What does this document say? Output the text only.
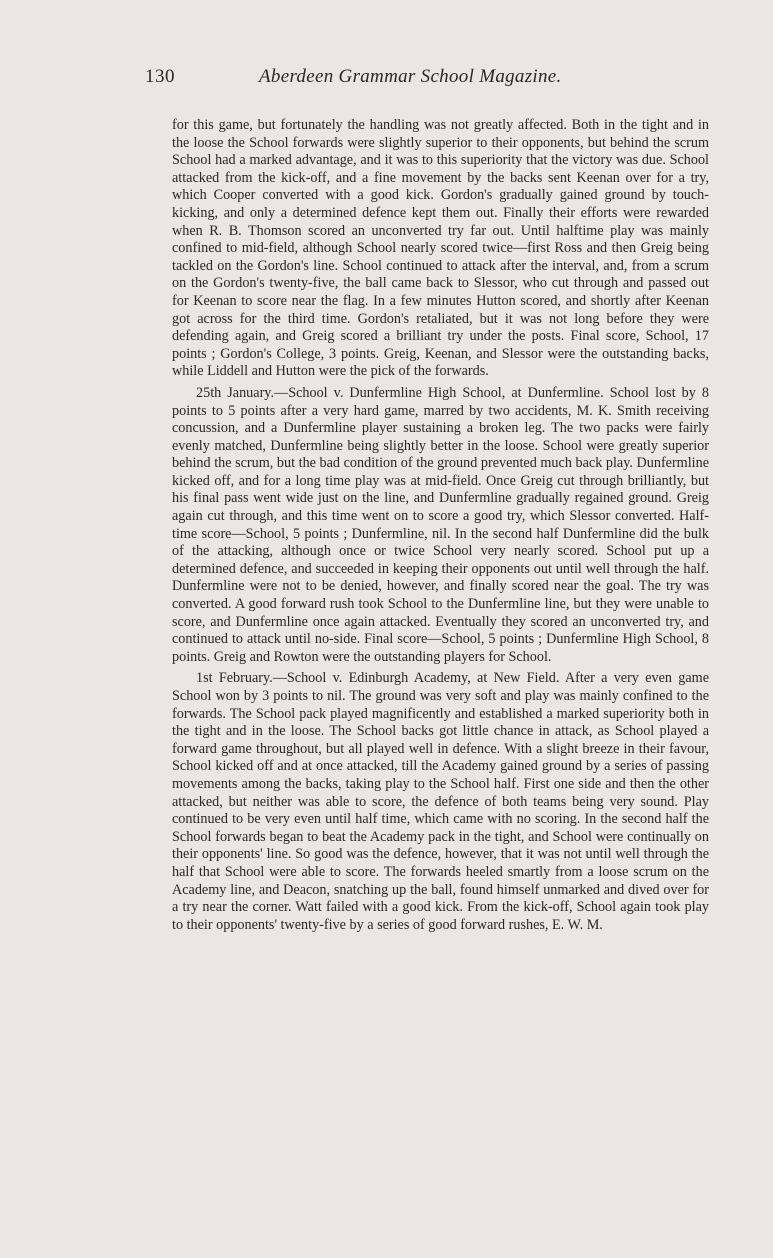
130	Aberdeen Grammar School Magazine.

for this game, but fortunately the handling was not greatly affected. Both in the tight and in the loose the School forwards were slightly superior to their opponents, but behind the scrum School had a marked advantage, and it was to this superiority that the victory was due. School attacked from the kick-off, and a fine movement by the backs sent Keenan over for a try, which Cooper converted with a good kick. Gordon's gradually gained ground by touch-kicking, and only a determined defence kept them out. Finally their efforts were rewarded when R. B. Thomson scored an unconverted try far out. Until halftime play was mainly confined to mid-field, although School nearly scored twice—first Ross and then Greig being tackled on the Gordon's line. School continued to attack after the interval, and, from a scrum on the Gordon's twenty-five, the ball came back to Slessor, who cut through and passed out for Keenan to score near the flag. In a few minutes Hutton scored, and shortly after Keenan got across for the third time. Gordon's retaliated, but it was not long before they were defending again, and Greig scored a brilliant try under the posts. Final score, School, 17 points ; Gordon's College, 3 points. Greig, Keenan, and Slessor were the outstanding backs, while Liddell and Hutton were the pick of the forwards.

25th January.—School v. Dunfermline High School, at Dunfermline. School lost by 8 points to 5 points after a very hard game, marred by two accidents, M. K. Smith receiving concussion, and a Dunfermline player sustaining a broken leg. The two packs were fairly evenly matched, Dunfermline being slightly better in the loose. School were greatly superior behind the scrum, but the bad condition of the ground prevented much back play. Dunfermline kicked off, and for a long time play was at mid-field. Once Greig cut through brilliantly, but his final pass went wide just on the line, and Dunfermline gradually regained ground. Greig again cut through, and this time went on to score a good try, which Slessor converted. Half-time score—School, 5 points ; Dunfermline, nil. In the second half Dunfermline did the bulk of the attacking, although once or twice School very nearly scored. School put up a determined defence, and succeeded in keeping their opponents out until well through the half. Dunfermline were not to be denied, however, and finally scored near the goal. The try was converted. A good forward rush took School to the Dunfermline line, but they were unable to score, and Dunfermline once again attacked. Eventually they scored an unconverted try, and continued to attack until no-side. Final score—School, 5 points ; Dunfermline High School, 8 points. Greig and Rowton were the outstanding players for School.

1st February.—School v. Edinburgh Academy, at New Field. After a very even game School won by 3 points to nil. The ground was very soft and play was mainly confined to the forwards. The School pack played magnificently and established a marked superiority both in the tight and in the loose. The School backs got little chance in attack, as School played a forward game throughout, but all played well in defence. With a slight breeze in their favour, School kicked off and at once attacked, till the Academy gained ground by a series of passing movements among the backs, taking play to the School half. First one side and then the other attacked, but neither was able to score, the defence of both teams being very sound. Play continued to be very even until half time, which came with no scoring. In the second half the School forwards began to beat the Academy pack in the tight, and School were continually on their opponents' line. So good was the defence, however, that it was not until well through the half that School were able to score. The forwards heeled smartly from a loose scrum on the Academy line, and Deacon, snatching up the ball, found himself unmarked and dived over for a try near the corner. Watt failed with a good kick. From the kick-off, School again took play to their opponents' twenty-five by a series of good forward rushes, E. W. M.
